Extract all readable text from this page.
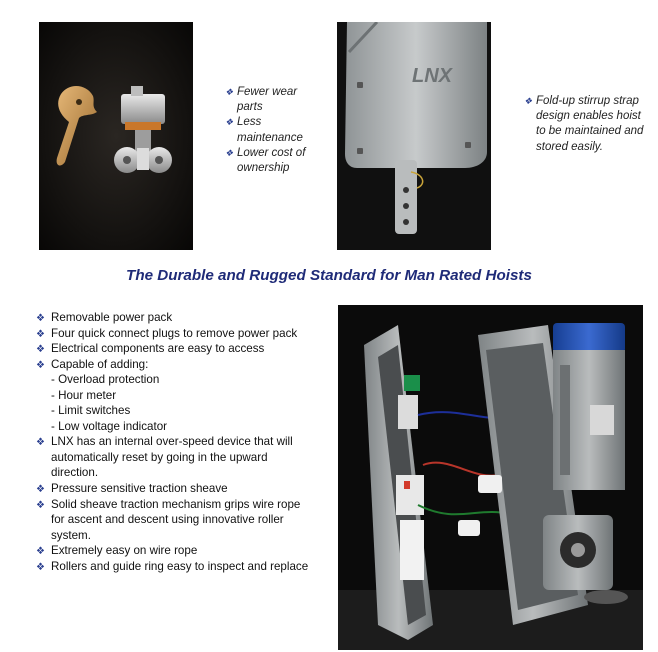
❖ Fewer wear parts
❖ Less maintenance
❖ Lower cost of ownership
LNX
❖ Fold-up stirrup strap design enables hoist to be maintained and stored easily.
The Durable and Rugged Standard for Man Rated Hoists
❖ Removable power pack
❖ Four quick connect plugs to remove power pack
❖ Electrical components are easy to access
❖ Capable of adding:
- Overload protection
- Hour meter
- Limit switches
- Low voltage indicator
❖ LNX has an internal over-speed device that will automatically reset by going in the upward direction.
❖ Pressure sensitive traction sheave
❖ Solid sheave traction mechanism grips wire rope for ascent and descent using innovative roller system.
❖ Extremely easy on wire rope
❖ Rollers and guide ring easy to inspect and replace
